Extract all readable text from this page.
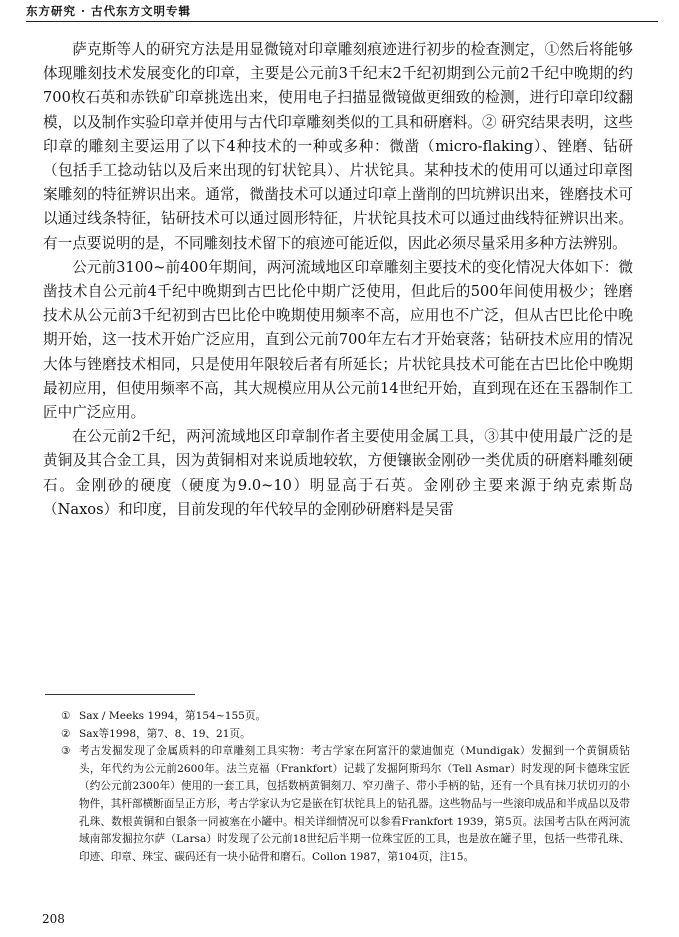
东方研究 · 古代东方文明专辑

萨克斯等人的研究方法是用显微镜对印章雕刻痕迹进行初步的检查测定，①然后将能够体现雕刻技术发展变化的印章，主要是公元前3千纪末2千纪初期到公元前2千纪中晚期的约700枚石英和赤铁矿印章挑选出来，使用电子扫描显微镜做更细致的检测，进行印章印纹翻模，以及制作实验印章并使用与古代印章雕刻类似的工具和研磨料。② 研究结果表明，这些印章的雕刻主要运用了以下4种技术的一种或多种：微凿（micro-flaking）、锉磨、钻研（包括手工捻动钻以及后来出现的钉状铊具）、片状铊具。某种技术的使用可以通过印章图案雕刻的特征辨识出来。通常，微凿技术可以通过印章上凿削的凹坑辨识出来，锉磨技术可以通过线条特征，钻研技术可以通过圆形特征，片状铊具技术可以通过曲线特征辨识出来。有一点要说明的是，不同雕刻技术留下的痕迹可能近似，因此必须尽量采用多种方法辨别。

公元前3100~前400年期间，两河流域地区印章雕刻主要技术的变化情况大体如下：微凿技术自公元前4千纪中晚期到古巴比伦中期广泛使用，但此后的500年间使用极少；锉磨技术从公元前3千纪初到古巴比伦中晚期使用频率不高，应用也不广泛，但从古巴比伦中晚期开始，这一技术开始广泛应用，直到公元前700年左右才开始衰落；钻研技术应用的情况大体与锉磨技术相同，只是使用年限较后者有所延长；片状铊具技术可能在古巴比伦中晚期最初应用，但使用频率不高，其大规模应用从公元前14世纪开始，直到现在还在玉器制作工匠中广泛应用。

在公元前2千纪，两河流域地区印章制作者主要使用金属工具，③其中使用最广泛的是黄铜及其合金工具，因为黄铜相对来说质地较软，方便镶嵌金刚砂一类优质的研磨料雕刻硬石。金刚砂的硬度（硬度为9.0~10）明显高于石英。金刚砂主要来源于纳克索斯岛（Naxos）和印度，目前发现的年代较早的金刚砂研磨料是吴雷

① Sax / Meeks 1994，第154~155页。
② Sax等1998，第7、8、19、21页。
③ 考古发掘发现了金属质料的印章雕刻工具实物：考古学家在阿富汗的蒙迪伽克（Mundigak）发掘到一个黄铜质钻头，年代约为公元前2600年。法兰克福（Frankfort）记载了发掘阿斯玛尔（Tell Asmar）时发现的阿卡德珠宝匠（约公元前2300年）使用的一套工具，包括数柄黄铜刻刀、窄刃凿子、带小手柄的钻，还有一个具有抹刀状切刃的小物件，其杆部横断面呈正方形，考古学家认为它是嵌在钉状铊具上的钻孔器。这些物品与一些滚印成品和半成品以及带孔珠、数根黄铜和白银条一同被塞在小罐中。相关详细情况可以参看Frankfort 1939，第5页。法国考古队在两河流域南部发掘拉尔萨（Larsa）时发现了公元前18世纪后半期一位珠宝匠的工具，也是放在罐子里，包括一些带孔珠、印迹、印章、珠宝、碳码还有一块小砧骨和磨石。Collon 1987，第104页，注15。
208
